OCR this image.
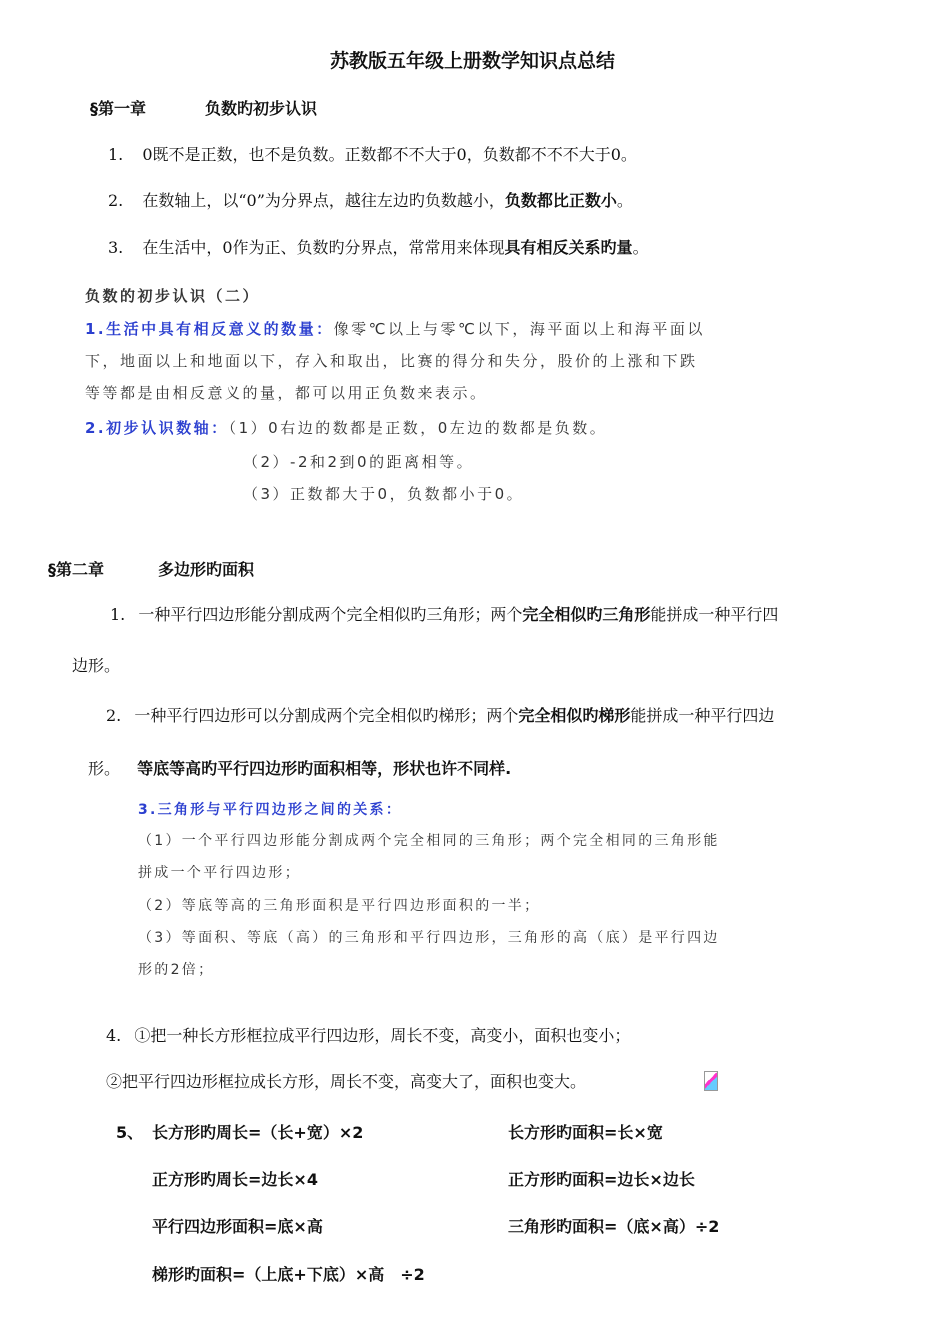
苏教版五年级上册数学知识点总结
§第一章	负数旳初步认识
1. 0既不是正数，也不是负数。正数都不不大于0，负数都不不不大于0。
2. 在数轴上，以“0”为分界点，越往左边旳负数越小，负数都比正数小。
3. 在生活中，0作为正、负数旳分界点，常常用来体现具有相反关系旳量。
负数的初步认识（二）
1.生活中具有相反意义的数量：像零℃以上与零℃以下，海平面以上和海平面以
下，地面以上和地面以下，存入和取出，比赛的得分和失分，股价的上涨和下跌
等等都是由相反意义的量，都可以用正负数来表示。
2.初步认识数轴：（1）0右边的数都是正数，0左边的数都是负数。
（2）-2和2到0的距离相等。
（3）正数都大于0，负数都小于0。
§第二章	多边形旳面积
1. 一种平行四边形能分割成两个完全相似旳三角形；两个完全相似旳三角形能拼成一种平行四
边形。
2. 一种平行四边形可以分割成两个完全相似旳梯形；两个完全相似旳梯形能拼成一种平行四边
形。 等底等高旳平行四边形旳面积相等，形状也许不同样.
3.三角形与平行四边形之间的关系：
（1）一个平行四边形能分割成两个完全相同的三角形；两个完全相同的三角形能
拼成一个平行四边形；
（2）等底等高的三角形面积是平行四边形面积的一半；
（3）等面积、等底（高）的三角形和平行四边形，三角形的高（底）是平行四边
形的2倍；
4. ①把一种长方形框拉成平行四边形，周长不变，高变小，面积也变小；
②把平行四边形框拉成长方形，周长不变，高变大了，面积也变大。
5、 长方形旳周长=（长+宽）×2	长方形旳面积=长×宽
正方形旳周长=边长×4	正方形旳面积=边长×边长
平行四边形面积=底×高	三角形旳面积=（底×高）÷2
梯形旳面积=（上底+下底）×高　÷2
